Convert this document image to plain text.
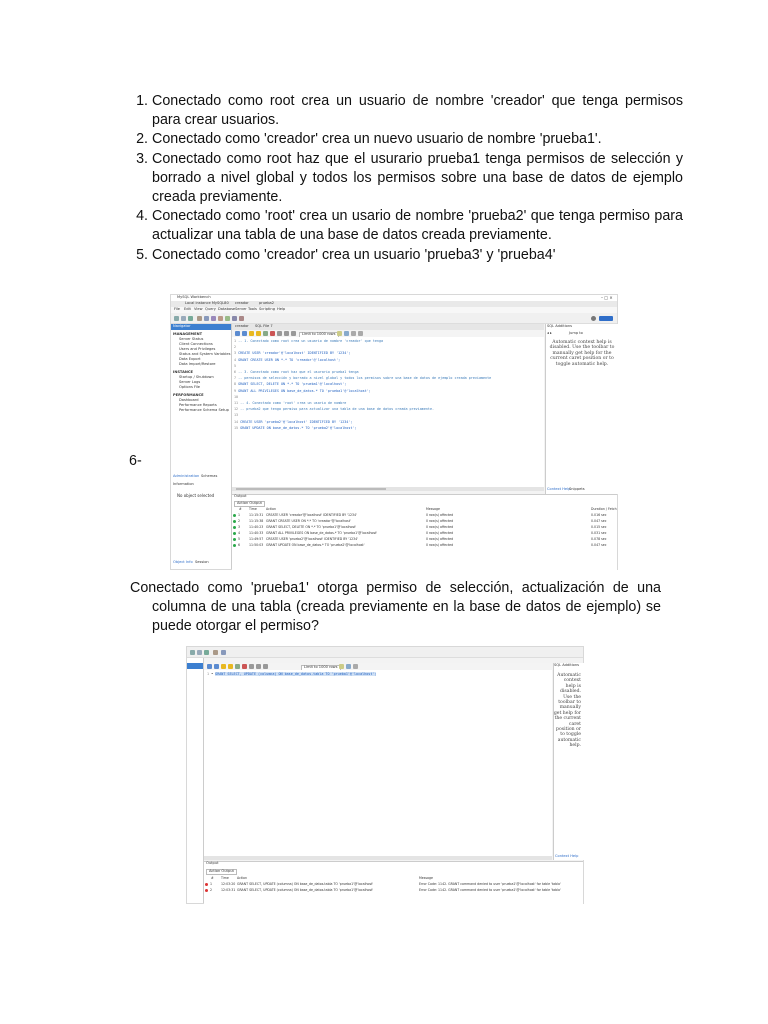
1. Conectado como root crea un usuario de nombre 'creador' que tenga permisos para crear usuarios.
2. Conectado como 'creador' crea un nuevo usuario de nombre 'prueba1'.
3. Conectado como root haz que el usurario prueba1 tenga permisos de selección y borrado a nivel global y todos los permisos sobre una base de datos de ejemplo creada previamente.
4. Conectado como 'root' crea un usario de nombre 'prueba2' que tenga permiso para actualizar una tabla de una base de datos creada previamente.
5. Conectado como 'creador' crea un usuario 'prueba3' y 'prueba4'
6-
MySQL Workbench	– □ ×
Local instance MySQL80 creador	prueba2
File Edit View Query Database Server Tools Scripting Help
Navigator
MANAGEMENT
Server Status
Client Connections
Users and Privileges
Status and System Variables
Data Export
Data Import/Restore
INSTANCE
Startup / Shutdown
Server Logs
Options File
PERFORMANCE
Dashboard
Performance Reports
Performance Schema Setup
Administration Schemas
Information
No object selected
Object Info Session
creador SQL File 7
Limit to 1000 rows
1 -- 1. Conectado como root crea un usuario de nombre 'creador' que tenga
2
3 CREATE USER 'creador'@'localhost' IDENTIFIED BY '1234';
4 GRANT CREATE USER ON *.* TO 'creador'@'localhost';
5
6 -- 3. Conectado como root haz que el usurario prueba1 tenga
7 -- permisos de selección y borrado a nivel global y todos los permisos sobre una base de datos de ejemplo creada previamente
8 GRANT SELECT, DELETE ON *.* TO 'prueba1'@'localhost';
9 GRANT ALL PRIVILEGES ON base_de_datos.* TO 'prueba1'@'localhost';
10
11 -- 4. Conectado como 'root' crea un usario de nombre
12 -- prueba2 que tenga permiso para actualizar una tabla de una base de datos creada previamente.
13
14 CREATE USER 'prueba2'@'localhost' IDENTIFIED BY '1234';
15 GRANT UPDATE ON base_de_datos.* TO 'prueba2'@'localhost';
SQL Additions
◂ ▸	Jump to
Automatic context help is disabled. Use the toolbar to manually get help for the current caret position or to toggle automatic help.
Context Help
Snippets
Output
Action Output
# Time	Action	Message	Duration / Fetch
1	11:15:31 CREATE USER 'creador'@'localhost' IDENTIFIED BY '1234'	0 row(s) affected	0.016 sec
2	11:15:38 GRANT CREATE USER ON *.* TO 'creador'@'localhost'	0 row(s) affected	0.047 sec
3	11:40:23 GRANT SELECT, DELETE ON *.* TO 'prueba1'@'localhost'	0 row(s) affected	0.015 sec
4	11:40:33 GRANT ALL PRIVILEGES ON base_de_datos.* TO 'prueba1'@'localhost'	0 row(s) affected	0.031 sec
5	11:49:57 CREATE USER 'prueba2'@'localhost' IDENTIFIED BY '1234'	0 row(s) affected	0.078 sec
6	11:50:03 GRANT UPDATE ON base_de_datos.* TO 'prueba2'@'localhost'	0 row(s) affected	0.047 sec
Conectado como 'prueba1' otorga permiso de selección, actualización de una columna de una tabla (creada previamente en la base de datos de ejemplo) se puede otorgar el permiso?
Limit to 1000 rows
1 • GRANT SELECT, UPDATE (columna) ON base_de_datos.tabla TO 'prueba1'@'localhost';
SQL Additions
Automatic context help is disabled. Use the toolbar to manually get help for the current caret position or to toggle automatic help.
Context Help
Output
Action Output
# Time	Action	Message
1	12:03:20 GRANT SELECT, UPDATE (columna) ON base_de_datos.tabla TO 'prueba1'@'localhost'	Error Code: 1142. GRANT command denied to user 'prueba1'@'localhost' for table 'tabla'
2	12:03:31 GRANT SELECT, UPDATE (columna) ON base_de_datos.tabla TO 'prueba1'@'localhost'	Error Code: 1142. GRANT command denied to user 'prueba1'@'localhost' for table 'tabla'
